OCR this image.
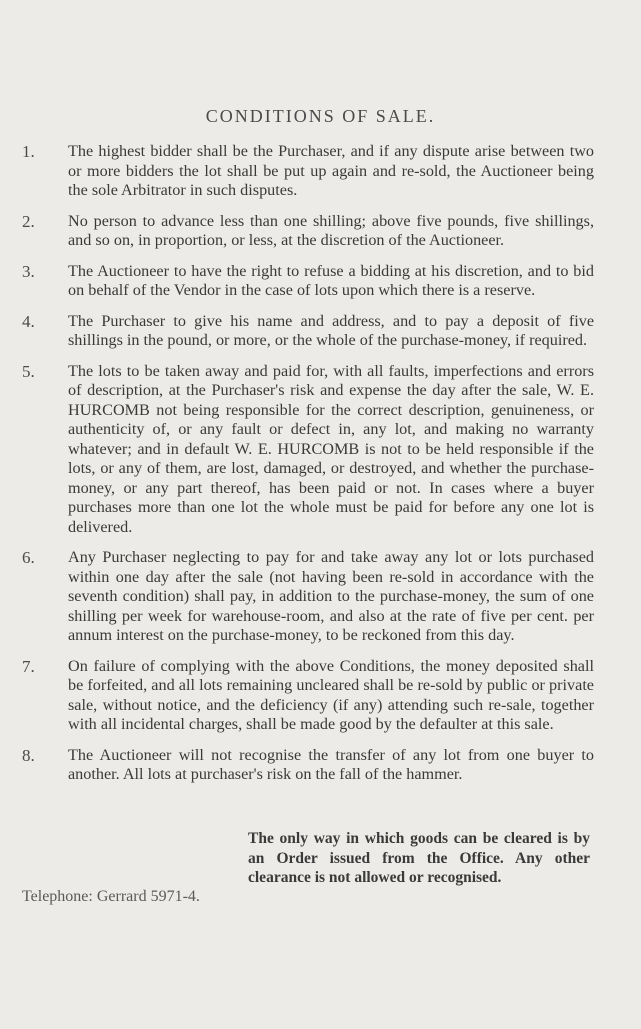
CONDITIONS OF SALE.
1.	The highest bidder shall be the Purchaser, and if any dispute arise between two or more bidders the lot shall be put up again and re-sold, the Auctioneer being the sole Arbitrator in such disputes.

2.	No person to advance less than one shilling; above five pounds, five shillings, and so on, in proportion, or less, at the discretion of the Auctioneer.

3.	The Auctioneer to have the right to refuse a bidding at his discretion, and to bid on behalf of the Vendor in the case of lots upon which there is a reserve.

4.	The Purchaser to give his name and address, and to pay a deposit of five shillings in the pound, or more, or the whole of the purchase-money, if required.

5.	The lots to be taken away and paid for, with all faults, imperfections and errors of description, at the Purchaser's risk and expense the day after the sale, W. E. HURCOMB not being responsible for the correct description, genuineness, or authenticity of, or any fault or defect in, any lot, and making no warranty whatever; and in default W. E. HURCOMB is not to be held responsible if the lots, or any of them, are lost, damaged, or destroyed, and whether the purchase-money, or any part thereof, has been paid or not. In cases where a buyer purchases more than one lot the whole must be paid for before any one lot is delivered.

6.	Any Purchaser neglecting to pay for and take away any lot or lots purchased within one day after the sale (not having been re-sold in accordance with the seventh condition) shall pay, in addition to the purchase-money, the sum of one shilling per week for warehouse-room, and also at the rate of five per cent. per annum interest on the purchase-money, to be reckoned from this day.

7.	On failure of complying with the above Conditions, the money deposited shall be forfeited, and all lots remaining uncleared shall be re-sold by public or private sale, without notice, and the deficiency (if any) attending such re-sale, together with all incidental charges, shall be made good by the defaulter at this sale.

8.	The Auctioneer will not recognise the transfer of any lot from one buyer to another. All lots at purchaser's risk on the fall of the hammer.

The only way in which goods can be cleared is by an Order issued from the Office. Any other clearance is not allowed or recognised.

Telephone: Gerrard 5971-4.
